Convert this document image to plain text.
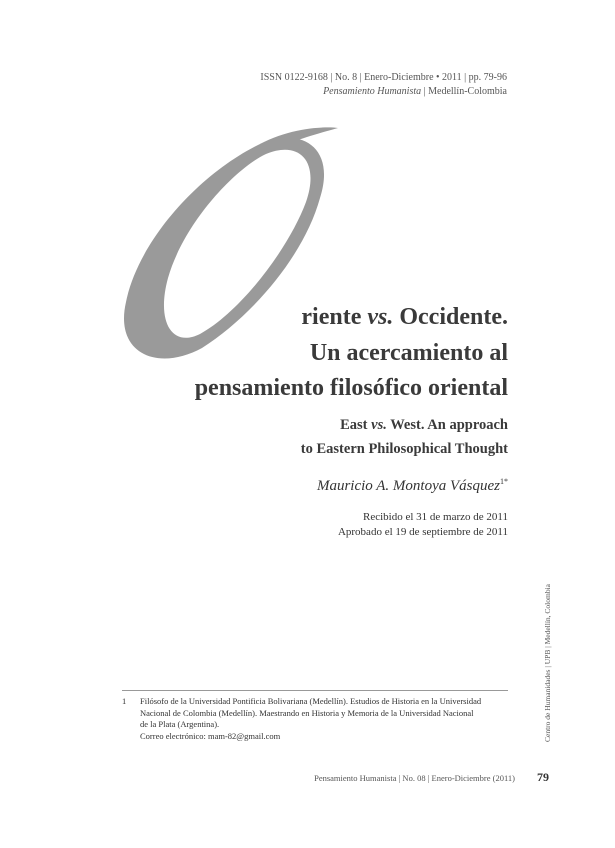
ISSN 0122-9168 | No. 8 | Enero-Diciembre • 2011 | pp. 79-96
Pensamiento Humanista | Medellín-Colombia
riente vs. Occidente.
Un acercamiento al
pensamiento filosófico oriental
East vs. West. An approach
to Eastern Philosophical Thought
Mauricio A. Montoya Vásquez$^{1*}$
Recibido el 31 de marzo de 2011
Aprobado el 19 de septiembre de 2011
Centro de Humanidades | UPB | Medellín, Colombia
1 Filósofo de la Universidad Pontificia Bolivariana (Medellín). Estudios de Historia en la Universidad
Nacional de Colombia (Medellín). Maestrando en Historia y Memoria de la Universidad Nacional
de la Plata (Argentina).
Correo electrónico: mam-82@gmail.com
Pensamiento Humanista | No. 08 | Enero-Diciembre (2011) 79
